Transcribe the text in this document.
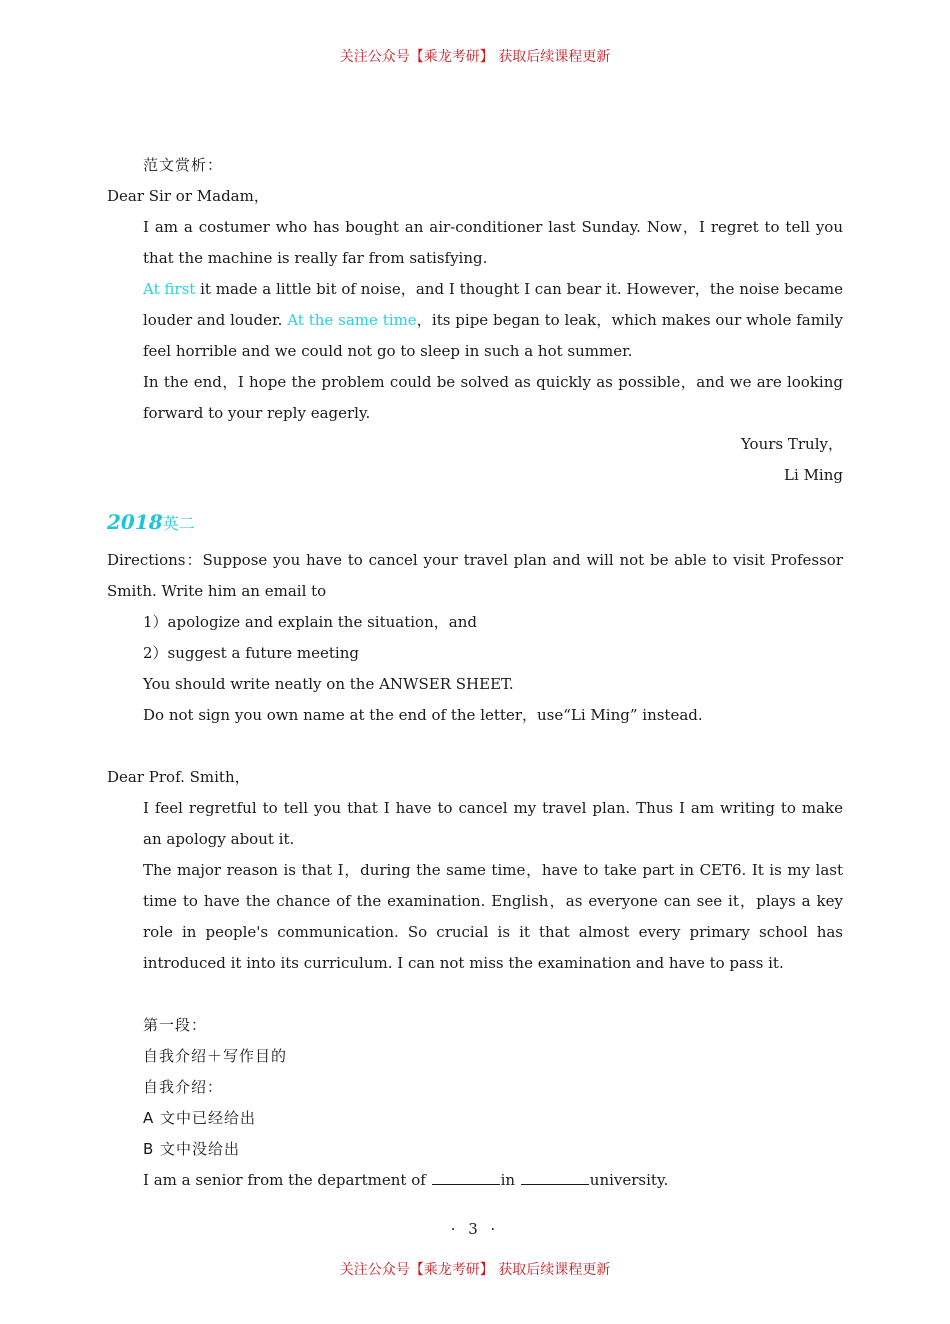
关注公众号【乘龙考研】 获取后续课程更新

范文赏析：

Dear Sir or Madam，

I am a costumer who has bought an air-conditioner last Sunday. Now，I regret to tell you that the machine is really far from satisfying.

At first it made a little bit of noise，and I thought I can bear it. However，the noise became louder and louder. At the same time，its pipe began to leak，which makes our whole family feel horrible and we could not go to sleep in such a hot summer.

In the end，I hope the problem could be solved as quickly as possible，and we are looking forward to your reply eagerly.

Yours Truly，

Li Ming

2018英二

Directions：Suppose you have to cancel your travel plan and will not be able to visit Professor Smith. Write him an email to

1）apologize and explain the situation，and

2）suggest a future meeting

You should write neatly on the ANWSER SHEET.

Do not sign you own name at the end of the letter，use“Li Ming” instead.

Dear Prof. Smith，

I feel regretful to tell you that I have to cancel my travel plan. Thus I am writing to make an apology about it.

The major reason is that I，during the same time，have to take part in CET6. It is my last time to have the chance of the examination. English，as everyone can see it，plays a key role in people's communication. So crucial is it that almost every primary school has introduced it into its curriculum. I can not miss the examination and have to pass it.

第一段：

自我介绍＋写作目的

自我介绍：

A 文中已经给出

B 文中没给出

I am a senior from the department of	in	university.

· 3 ·
关注公众号【乘龙考研】 获取后续课程更新
